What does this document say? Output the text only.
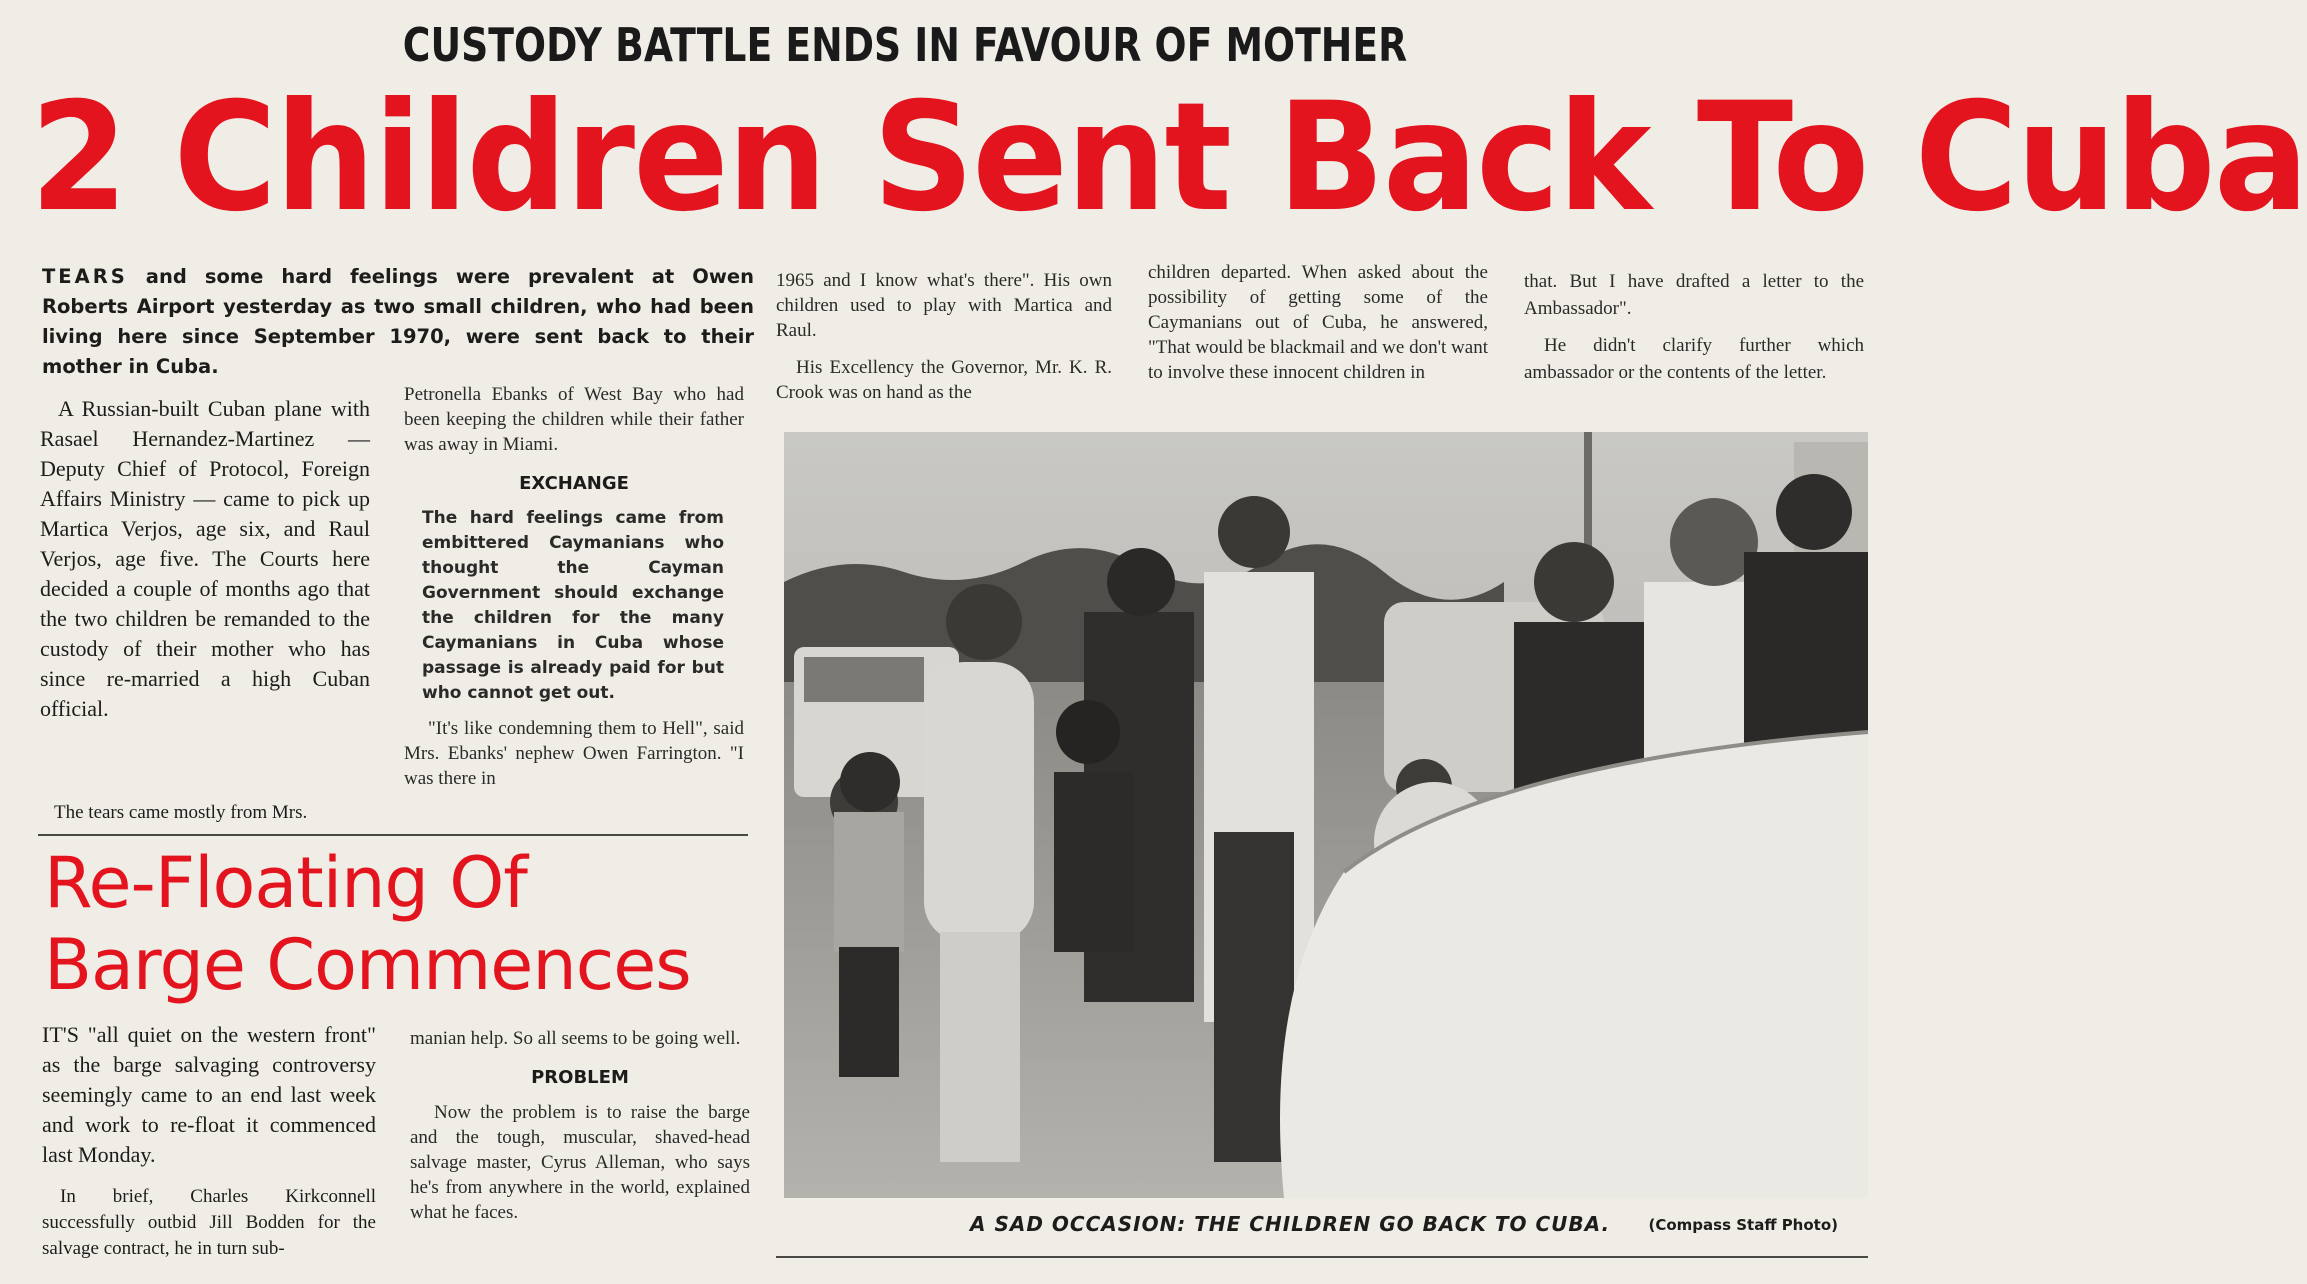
CUSTODY BATTLE ENDS IN FAVOUR OF MOTHER
2 Children Sent Back To Cuba
TEARS and some hard feelings were prevalent at Owen Roberts Airport yesterday as two small children, who had been living here since September 1970, were sent back to their mother in Cuba.

A Russian-built Cuban plane with Rasael Hernandez-Martinez — Deputy Chief of Protocol, Foreign Affairs Ministry — came to pick up Martica Verjos, age six, and Raul Verjos, age five. The Courts here decided a couple of months ago that the two children be remanded to the custody of their mother who has since re-married a high Cuban official.

The tears came mostly from Mrs.

Petronella Ebanks of West Bay who had been keeping the children while their father was away in Miami.

EXCHANGE

The hard feelings came from embittered Caymanians who thought the Cayman Government should exchange the children for the many Caymanians in Cuba whose passage is already paid for but who cannot get out.

"It's like condemning them to Hell", said Mrs. Ebanks' nephew Owen Farrington. "I was there in

1965 and I know what's there". His own children used to play with Martica and Raul.

His Excellency the Governor, Mr. K. R. Crook was on hand as the

children departed. When asked about the possibility of getting some of the Caymanians out of Cuba, he answered, "That would be blackmail and we don't want to involve these innocent children in

that. But I have drafted a letter to the Ambassador".

He didn't clarify further which ambassador or the contents of the letter.

A SAD OCCASION: THE CHILDREN GO BACK TO CUBA.	(Compass Staff Photo)
Re-Floating Of
Barge Commences

IT'S "all quiet on the western front" as the barge salvaging controversy seemingly came to an end last week and work to re-float it commenced last Monday.

In brief, Charles Kirkconnell successfully outbid Jill Bodden for the salvage contract, he in turn sub-

manian help. So all seems to be going well.

PROBLEM

Now the problem is to raise the barge and the tough, muscular, shaved-head salvage master, Cyrus Alleman, who says he's from anywhere in the world, explained what he faces.
